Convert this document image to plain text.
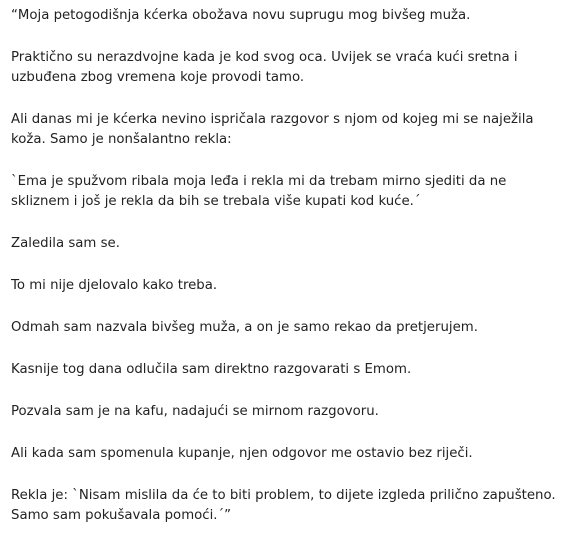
“Moja petogodišnja kćerka obožava novu suprugu mog bivšeg muža.

Praktično su nerazdvojne kada je kod svog oca. Uvijek se vraća kući sretna i uzbuđena zbog vremena koje provodi tamo.

Ali danas mi je kćerka nevino ispričala razgovor s njom od kojeg mi se naježila koža. Samo je nonšalantno rekla:

`Ema je spužvom ribala moja leđa i rekla mi da trebam mirno sjediti da ne skliznem i još je rekla da bih se trebala više kupati kod kuće.´

Zaledila sam se.

To mi nije djelovalo kako treba.

Odmah sam nazvala bivšeg muža, a on je samo rekao da pretjerujem.

Kasnije tog dana odlučila sam direktno razgovarati s Emom.

Pozvala sam je na kafu, nadajući se mirnom razgovoru.

Ali kada sam spomenula kupanje, njen odgovor me ostavio bez riječi.

Rekla je: `Nisam mislila da će to biti problem, to dijete izgleda prilično zapušteno. Samo sam pokušavala pomoći.´”
